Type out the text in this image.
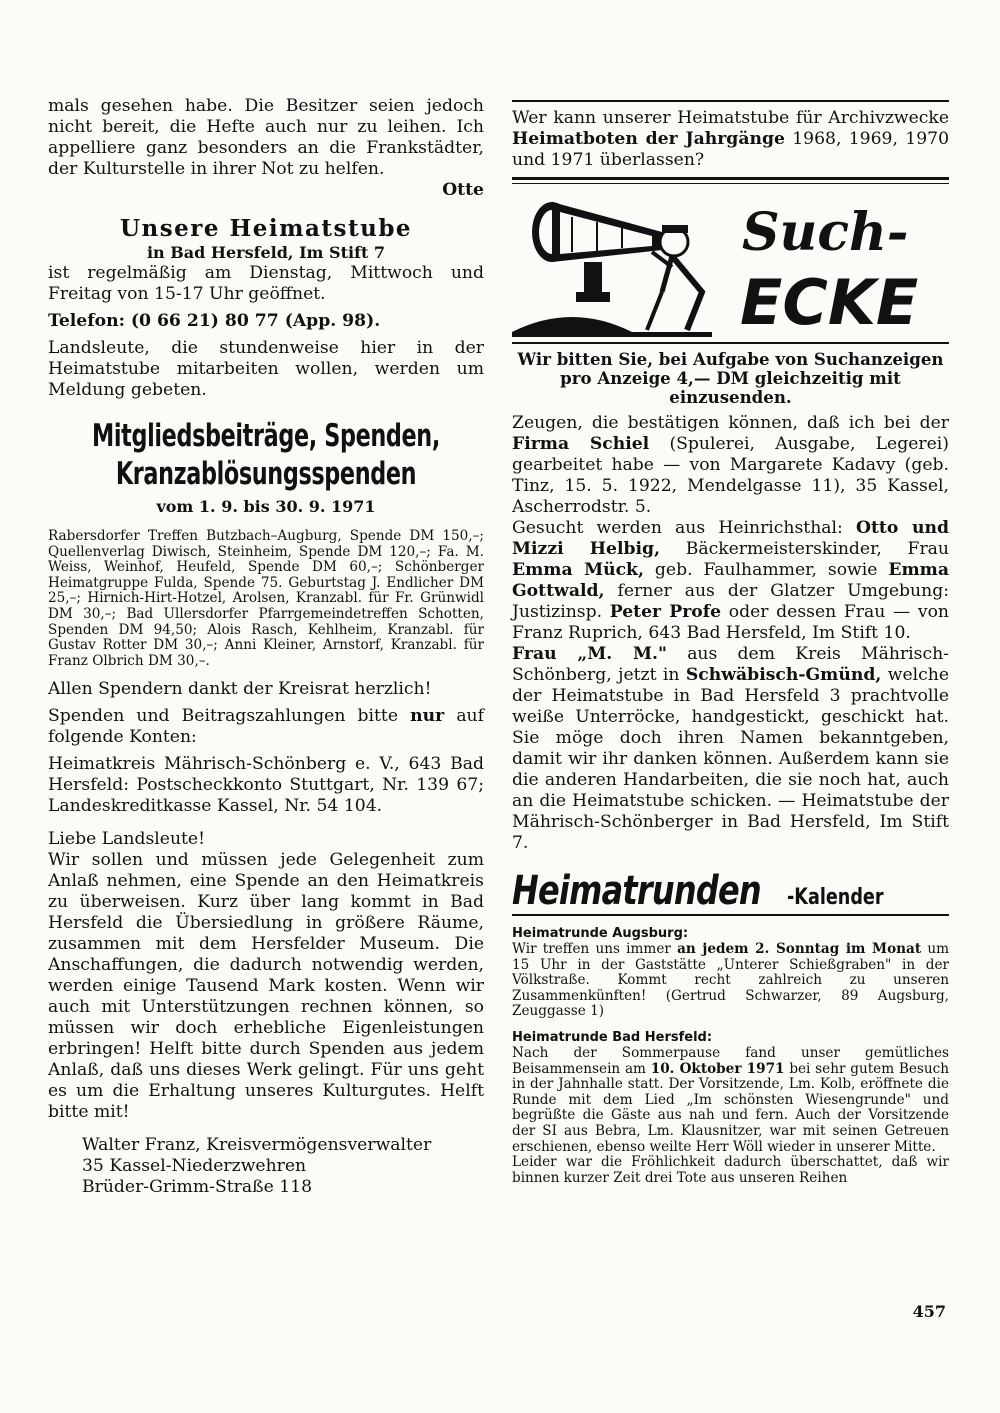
mals gesehen habe. Die Besitzer seien jedoch nicht bereit, die Hefte auch nur zu leihen. Ich appelliere ganz besonders an die Frankstädter, der Kulturstelle in ihrer Not zu helfen.

Otte

Unsere Heimatstube
in Bad Hersfeld, Im Stift 7

ist regelmäßig am Dienstag, Mittwoch und Freitag von 15-17 Uhr geöffnet.

Telefon: (0 66 21) 80 77 (App. 98).

Landsleute, die stundenweise hier in der Heimatstube mitarbeiten wollen, werden um Meldung gebeten.

Mitgliedsbeiträge, Spenden,
Kranzablösungsspenden
vom 1. 9. bis 30. 9. 1971

Rabersdorfer Treffen Butzbach–Augburg, Spende DM 150,–; Quellenverlag Diwisch, Steinheim, Spende DM 120,–; Fa. M. Weiss, Weinhof, Heufeld, Spende DM 60,–; Schönberger Heimatgruppe Fulda, Spende 75. Geburtstag J. Endlicher DM 25,–; Hirnich-Hirt-Hotzel, Arolsen, Kranzabl. für Fr. Grünwidl DM 30,–; Bad Ullersdorfer Pfarrgemeindetreffen Schotten, Spenden DM 94,50; Alois Rasch, Kehlheim, Kranzabl. für Gustav Rotter DM 30,–; Anni Kleiner, Arnstorf, Kranzabl. für Franz Olbrich DM 30,–.

Allen Spendern dankt der Kreisrat herzlich!

Spenden und Beitragszahlungen bitte nur auf folgende Konten:

Heimatkreis Mährisch-Schönberg e. V., 643 Bad Hersfeld: Postscheckkonto Stuttgart, Nr. 139 67; Landeskreditkasse Kassel, Nr. 54 104.

Liebe Landsleute!

Wir sollen und müssen jede Gelegenheit zum Anlaß nehmen, eine Spende an den Heimatkreis zu überweisen. Kurz über lang kommt in Bad Hersfeld die Übersiedlung in größere Räume, zusammen mit dem Hersfelder Museum. Die Anschaffungen, die dadurch notwendig werden, werden einige Tausend Mark kosten. Wenn wir auch mit Unterstützungen rechnen können, so müssen wir doch erhebliche Eigenleistungen erbringen! Helft bitte durch Spenden aus jedem Anlaß, daß uns dieses Werk gelingt. Für uns geht es um die Erhaltung unseres Kulturgutes. Helft bitte mit!

Walter Franz, Kreisvermögensverwalter
35 Kassel-Niederzwehren
Brüder-Grimm-Straße 118

Wer kann unserer Heimatstube für Archivzwecke Heimatboten der Jahrgänge 1968, 1969, 1970 und 1971 überlassen?

Such-
ECKE
Wir bitten Sie, bei Aufgabe von Suchanzeigen pro Anzeige 4,— DM gleichzeitig mit einzusenden.

Zeugen, die bestätigen können, daß ich bei der Firma Schiel (Spulerei, Ausgabe, Legerei) gearbeitet habe — von Margarete Kadavy (geb. Tinz, 15. 5. 1922, Mendelgasse 11), 35 Kassel, Ascherrodstr. 5.

Gesucht werden aus Heinrichsthal: Otto und Mizzi Helbig, Bäckermeisterskinder, Frau Emma Mück, geb. Faulhammer, sowie Emma Gottwald, ferner aus der Glatzer Umgebung: Justizinsp. Peter Profe oder dessen Frau — von Franz Ruprich, 643 Bad Hersfeld, Im Stift 10.

Frau „M. M." aus dem Kreis Mährisch-Schönberg, jetzt in Schwäbisch-Gmünd, welche der Heimatstube in Bad Hersfeld 3 prachtvolle weiße Unterröcke, handgestickt, geschickt hat. Sie möge doch ihren Namen bekanntgeben, damit wir ihr danken können. Außerdem kann sie die anderen Handarbeiten, die sie noch hat, auch an die Heimatstube schicken. — Heimatstube der Mährisch-Schönberger in Bad Hersfeld, Im Stift 7.

Heimatrunden -Kalender
Heimatrunde Augsburg:

Wir treffen uns immer an jedem 2. Sonntag im Monat um 15 Uhr in der Gaststätte „Unterer Schießgraben" in der Völkstraße. Kommt recht zahlreich zu unseren Zusammenkünften! (Gertrud Schwarzer, 89 Augsburg, Zeuggasse 1)

Heimatrunde Bad Hersfeld:

Nach der Sommerpause fand unser gemütliches Beisammensein am 10. Oktober 1971 bei sehr gutem Besuch in der Jahnhalle statt. Der Vorsitzende, Lm. Kolb, eröffnete die Runde mit dem Lied „Im schönsten Wiesengrunde" und begrüßte die Gäste aus nah und fern. Auch der Vorsitzende der SI aus Bebra, Lm. Klausnitzer, war mit seinen Getreuen erschienen, ebenso weilte Herr Wöll wieder in unserer Mitte.

Leider war die Fröhlichkeit dadurch überschattet, daß wir binnen kurzer Zeit drei Tote aus unseren Reihen

457
